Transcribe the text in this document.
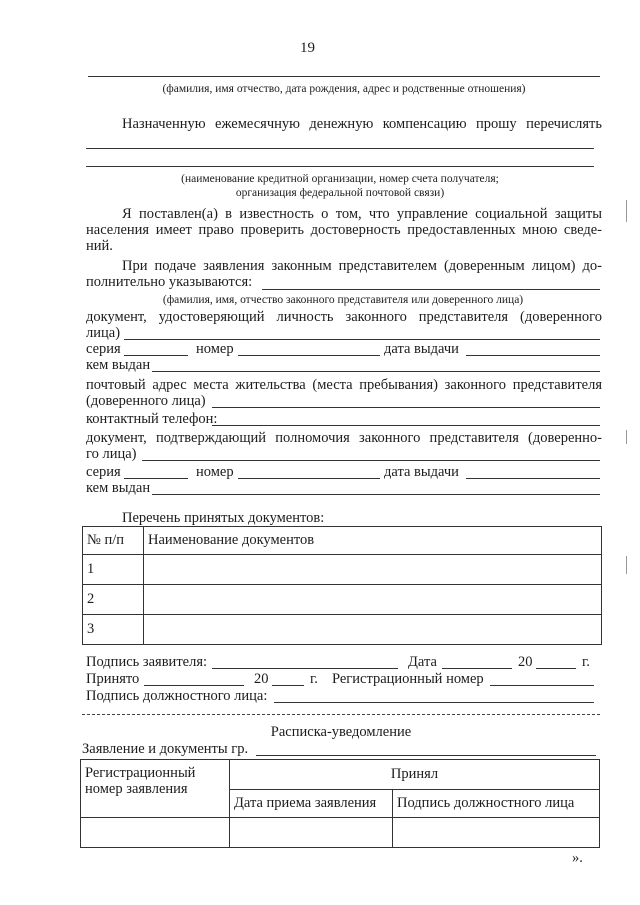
19
(фамилия, имя отчество, дата рождения, адрес и родственные отношения)
Назначенную ежемесячную денежную компенсацию прошу перечислять
(наименование кредитной организации, номер счета получателя;
организация федеральной почтовой связи)
Я поставлен(а) в известность о том, что управление социальной защиты
населения имеет право проверить достоверность предоставленных мною сведе-
ний.
При подаче заявления законным представителем (доверенным лицом) до-
полнительно указываются:
(фамилия, имя, отчество законного представителя или доверенного лица)
документ, удостоверяющий личность законного представителя (доверенного
лица)
серия	номер	дата выдачи
кем выдан
почтовый адрес места жительства (места пребывания) законного представителя
(доверенного лица)
контактный телефон:
документ, подтверждающий полномочия законного представителя (доверенно-
го лица)
серия	номер	дата выдачи
кем выдан
Перечень принятых документов:
№ п/п	Наименование документов
1	
2	
3	
Подпись заявителя:	Дата	20	г.
Принято	20	г. Регистрационный номер
Подпись должностного лица:
Расписка-уведомление
Заявление и документы гр.
Регистрационный
номер заявления	Принял	
	Дата приема заявления	Подпись должностного лица

».
